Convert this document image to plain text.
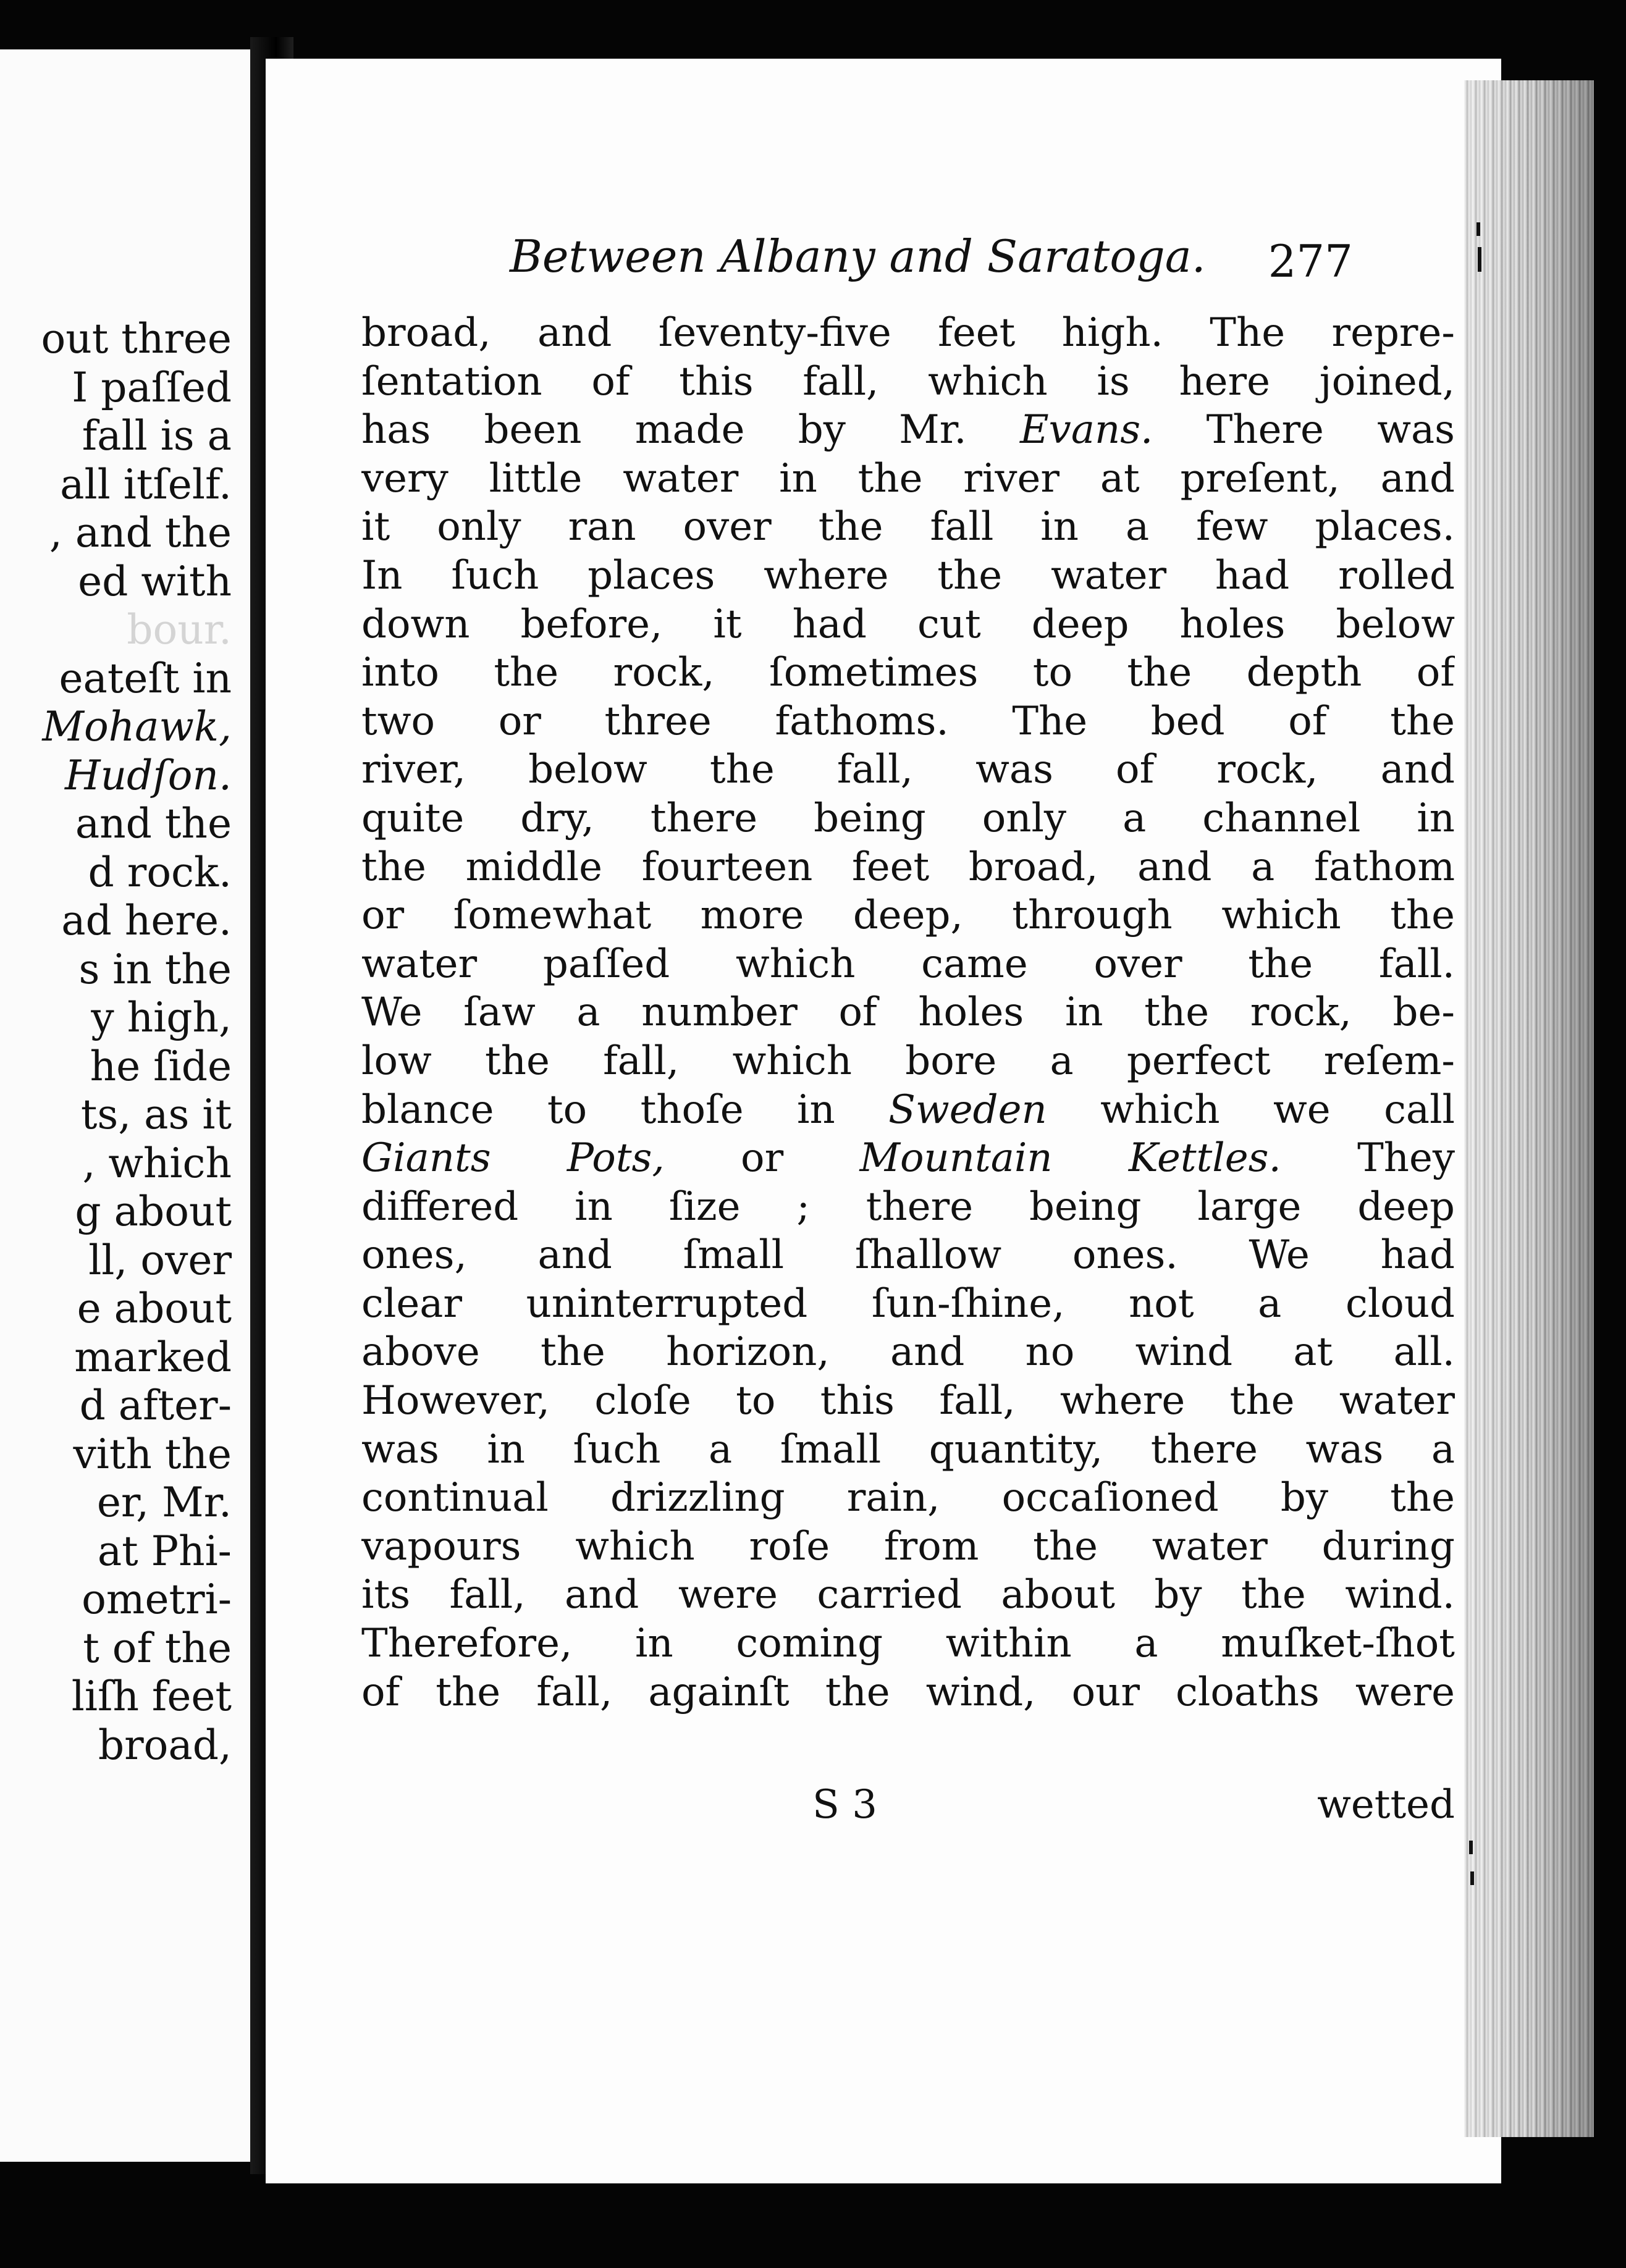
out three
I paſſed
fall is a
all itſelf.
, and the
ed with
bour.
eateſt in
Mohawk,
Hudſon.
and the
d rock.
ad here.
s in the
y high,
he ſide
ts, as it
, which
g about
ll, over
e about
marked
d after-
vith the
er, Mr.
at Phi-
ometri-
t of the
liſh feet
broad,
Between Albany and Saratoga. 277
broad, and ſeventy-five feet high. The repre-
ſentation of this fall, which is here joined,
has been made by Mr. Evans. There was
very little water in the river at preſent, and
it only ran over the fall in a few places.
In ſuch places where the water had rolled
down before, it had cut deep holes below
into the rock, ſometimes to the depth of
two or three fathoms. The bed of the
river, below the fall, was of rock, and
quite dry, there being only a channel in
the middle fourteen feet broad, and a fathom
or ſomewhat more deep, through which the
water paſſed which came over the fall.
We ſaw a number of holes in the rock, be-
low the fall, which bore a perfect reſem-
blance to thoſe in Sweden which we call
Giants Pots, or Mountain Kettles. They
differed in ſize ; there being large deep
ones, and ſmall ſhallow ones. We had
clear uninterrupted ſun-ſhine, not a cloud
above the horizon, and no wind at all.
However, cloſe to this fall, where the water
was in ſuch a ſmall quantity, there was a
continual drizzling rain, occaſioned by the
vapours which roſe from the water during
its fall, and were carried about by the wind.
Therefore, in coming within a muſket-ſhot
of the fall, againſt the wind, our cloaths were
S 3	wetted
